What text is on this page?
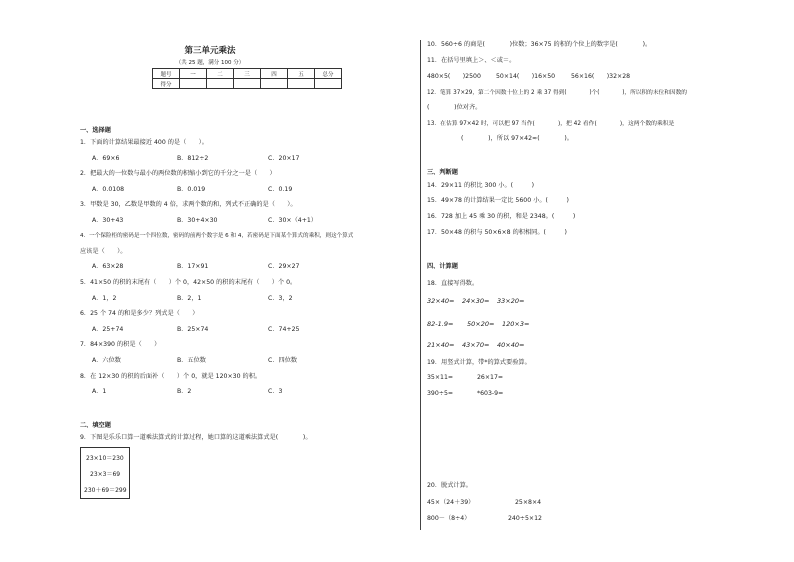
第三单元乘法
（共 25 题，满分 100 分）
题号	一	二	三	四	五	总分
得分						
一、选择题
1．下面的计算结果最接近 400 的是（　　）。
A．69×6	B．812÷2	C．20×17
2．把最大的一位数与最小的两位数的积缩小到它的千分之一是（　　）
A．0.0108	B．0.019	C．0.19
3．甲数是 30，乙数是甲数的 4 倍，求两个数的和，列式不正确的是（　　）。
A．30+43	B．30+4×30	C．30×（4+1）
4．一个保险柜的密码是一个四位数，密码的前两个数字是 6 和 4，若密码是下面某个算式的乘积，则这个算式
应该是（　　）。
A．63×28	B．17×91	C．29×27
5．41×50 的积的末尾有（　　）个 0，42×50 的积的末尾有（　　）个 0。
A．1，2	B．2，1	C．3，2
6．25 个 74 的和是多少？列式是（　　）
A．25+74	B．25×74	C．74+25
7．84×390 的积是（　　）
A．六位数	B．五位数	C．四位数
8．在 12×30 的积的后面补（　　）个 0，就是 120×30 的积。
A．1	B．2	C．3
二、填空题
9．下图是乐乐口算一道乘法算式的计算过程，她口算的这道乘法算式是(　　　　)。
23×10＝230
23×3＝69
230＋69＝299
10．560÷6 的商是(　　　　)位数；36×75 的积的个位上的数字是(　　　　)。
11．在括号里填上＞、＜或＝。
480×5(　　)2500 50×14(　　)16×50	56×16(　　)32×28
12．笔算 37×29，第二个因数十位上的 2 乘 37 得到(　　　　)个(　　　　)，所以积的末位和因数的
(　　　　)位对齐。
13．在估算 97×42 时，可以把 97 当作(　　　　)，把 42 看作(　　　　)，这两个数的乘积是
(　　　　)，所以 97×42≈(　　　　)。
三、判断题
14．29×11 的积比 300 小。(　　　)
15．49×78 的计算结果一定比 5600 小。(　　　)
16．728 加上 45 乘 30 的积，和是 2348。(　　　)
17．50×48 的积与 50×6×8 的积相同。(　　　)
四、计算题
18．直接写得数。
32×40= 24×30= 33×20=
82-1.9= 50×20= 120×3=
21×40= 43×70= 40×40=
19．用竖式计算，带*的算式要验算。
35×11=	26×17=
390÷5=	*603-9=
20．脱式计算。
45×（24＋39）	25×8×4
800－（8÷4）	240÷5×12
